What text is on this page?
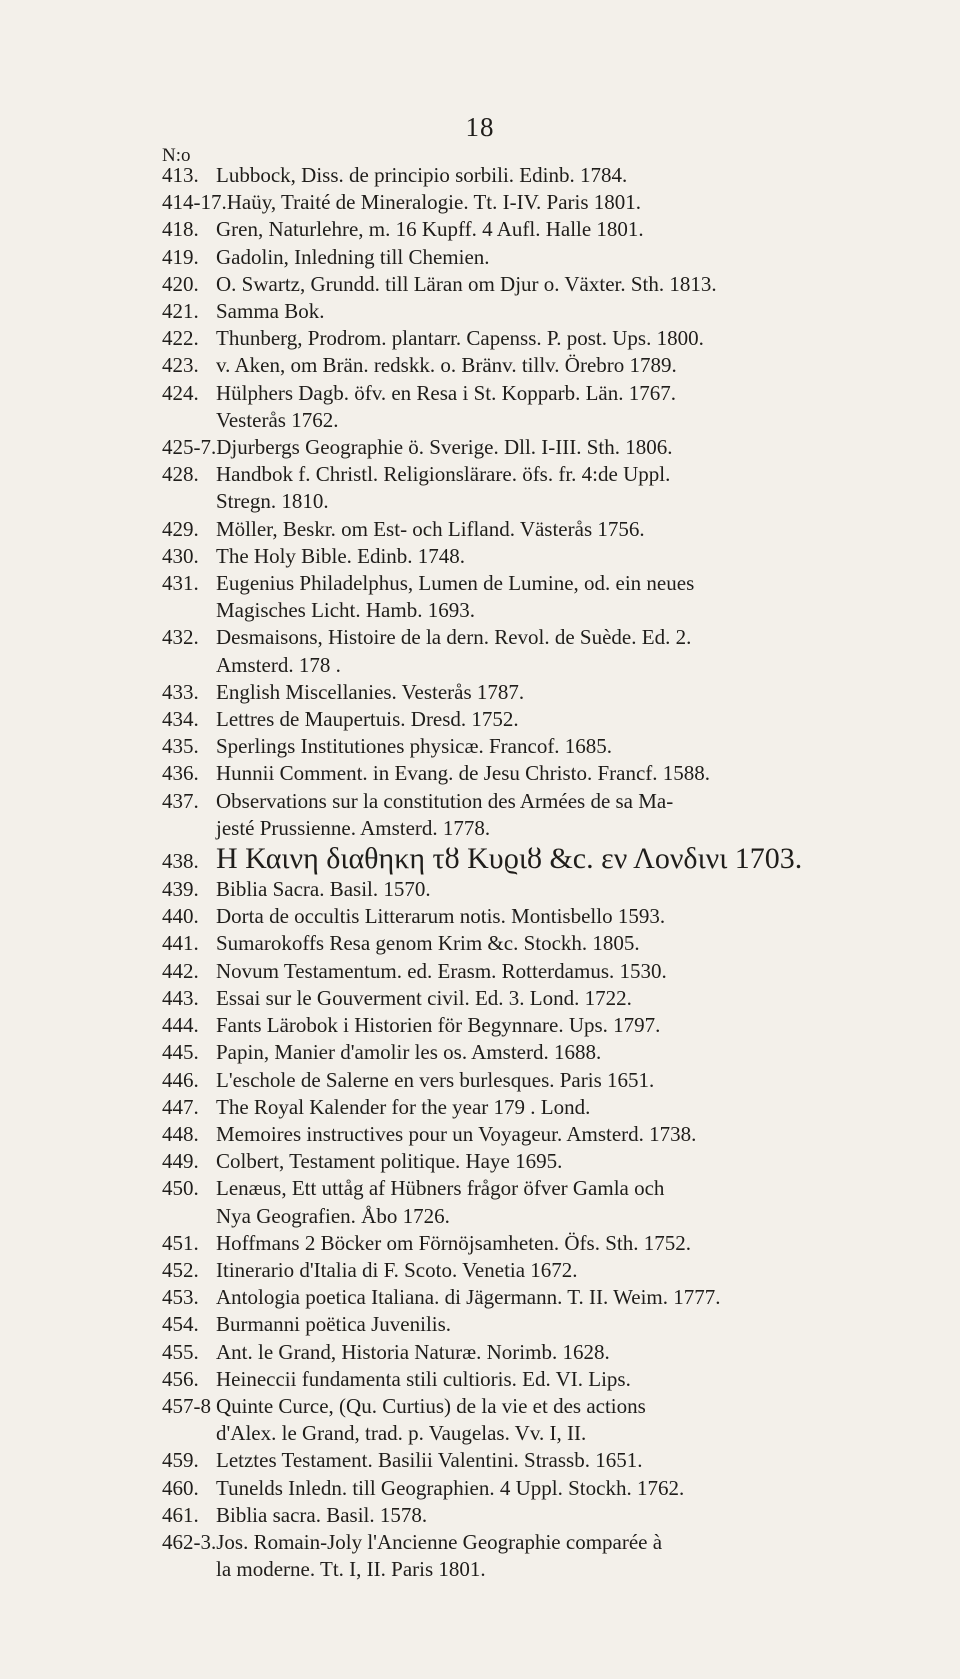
18
N:o
413. Lubbock, Diss. de principio sorbili. Edinb. 1784.
414-17. Haüy, Traité de Mineralogie. Tt. I-IV. Paris 1801.
418. Gren, Naturlehre, m. 16 Kupff. 4 Aufl. Halle 1801.
419. Gadolin, Inledning till Chemien.
420. O. Swartz, Grundd. till Läran om Djur o. Växter. Sth. 1813.
421. Samma Bok.
422. Thunberg, Prodrom. plantarr. Capenss. P. post. Ups. 1800.
423. v. Aken, om Brän. redskk. o. Bränv. tillv. Örebro 1789.
424. Hülphers Dagb. öfv. en Resa i St. Kopparb. Län. 1767.
Vesterås 1762.
425-7. Djurbergs Geographie ö. Sverige. Dll. I-III. Sth. 1806.
428. Handbok f. Christl. Religionslärare. öfs. fr. 4:de Uppl.
Stregn. 1810.
429. Möller, Beskr. om Est- och Lifland. Västerås 1756.
430. The Holy Bible. Edinb. 1748.
431. Eugenius Philadelphus, Lumen de Lumine, od. ein neues
Magisches Licht. Hamb. 1693.
432. Desmaisons, Histoire de la dern. Revol. de Suède. Ed. 2.
Amsterd. 178 .
433. English Miscellanies. Vesterås 1787.
434. Lettres de Maupertuis. Dresd. 1752.
435. Sperlings Institutiones physicæ. Francof. 1685.
436. Hunnii Comment. in Evang. de Jesu Christo. Francf. 1588.
437. Observations sur la constitution des Armées de sa Ma-
jesté Prussienne. Amsterd. 1778.
438. Η Καινη διαθηκη τȣ Κυϱιȣ &c. εν Λονδινι 1703.
439. Biblia Sacra. Basil. 1570.
440. Dorta de occultis Litterarum notis. Montisbello 1593.
441. Sumarokoffs Resa genom Krim &c. Stockh. 1805.
442. Novum Testamentum. ed. Erasm. Rotterdamus. 1530.
443. Essai sur le Gouverment civil. Ed. 3. Lond. 1722.
444. Fants Lärobok i Historien för Begynnare. Ups. 1797.
445. Papin, Manier d'amolir les os. Amsterd. 1688.
446. L'eschole de Salerne en vers burlesques. Paris 1651.
447. The Royal Kalender for the year 179 . Lond.
448. Memoires instructives pour un Voyageur. Amsterd. 1738.
449. Colbert, Testament politique. Haye 1695.
450. Lenæus, Ett uttåg af Hübners frågor öfver Gamla och
Nya Geografien. Åbo 1726.
451. Hoffmans 2 Böcker om Förnöjsamheten. Öfs. Sth. 1752.
452. Itinerario d'Italia di F. Scoto. Venetia 1672.
453. Antologia poetica Italiana. di Jägermann. T. II. Weim. 1777.
454. Burmanni poëtica Juvenilis.
455. Ant. le Grand, Historia Naturæ. Norimb. 1628.
456. Heineccii fundamenta stili cultioris. Ed. VI. Lips.
457-8 Quinte Curce, (Qu. Curtius) de la vie et des actions
d'Alex. le Grand, trad. p. Vaugelas. Vv. I, II.
459. Letztes Testament. Basilii Valentini. Strassb. 1651.
460. Tunelds Inledn. till Geographien. 4 Uppl. Stockh. 1762.
461. Biblia sacra. Basil. 1578.
462-3. Jos. Romain-Joly l'Ancienne Geographie comparée à
la moderne. Tt. I, II. Paris 1801.
